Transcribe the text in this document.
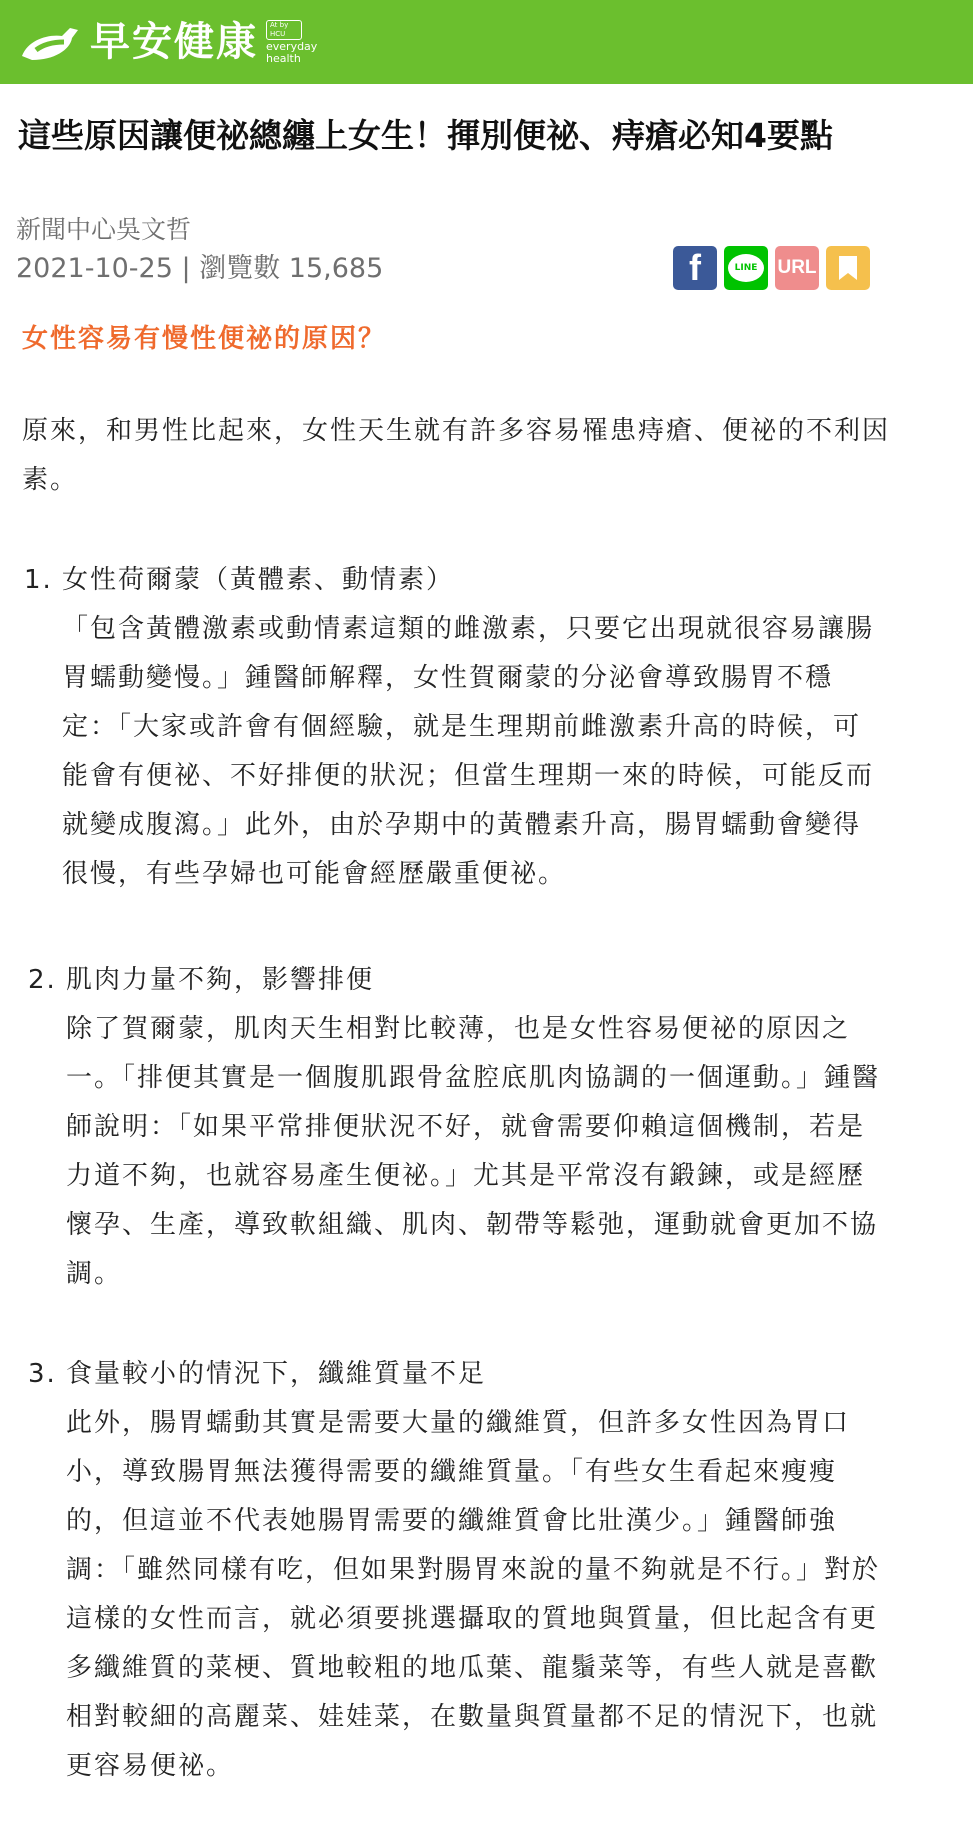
早安健康	At by HCU
everyday
health
這些原因讓便祕總纏上女生！揮別便祕、痔瘡必知4要點
新聞中心吳文哲
2021-10-25 | 瀏覽數 15,685	f	LINE	URL
女性容易有慢性便祕的原因？

原來，和男性比起來，女性天生就有許多容易罹患痔瘡、便祕的不利因素。

1. 女性荷爾蒙（黃體素、動情素）

「包含黃體激素或動情素這類的雌激素，只要它出現就很容易讓腸胃蠕動變慢。」鍾醫師解釋，女性賀爾蒙的分泌會導致腸胃不穩定：「大家或許會有個經驗，就是生理期前雌激素升高的時候，可能會有便祕、不好排便的狀況；但當生理期一來的時候，可能反而就變成腹瀉。」此外，由於孕期中的黃體素升高，腸胃蠕動會變得很慢，有些孕婦也可能會經歷嚴重便祕。

2. 肌肉力量不夠，影響排便

除了賀爾蒙，肌肉天生相對比較薄，也是女性容易便祕的原因之一。「排便其實是一個腹肌跟骨盆腔底肌肉協調的一個運動。」鍾醫師說明：「如果平常排便狀況不好，就會需要仰賴這個機制，若是力道不夠，也就容易產生便祕。」尤其是平常沒有鍛鍊，或是經歷懷孕、生產，導致軟組織、肌肉、韌帶等鬆弛，運動就會更加不協調。

3. 食量較小的情況下，纖維質量不足

此外，腸胃蠕動其實是需要大量的纖維質，但許多女性因為胃口小，導致腸胃無法獲得需要的纖維質量。「有些女生看起來瘦瘦的，但這並不代表她腸胃需要的纖維質會比壯漢少。」鍾醫師強調：「雖然同樣有吃，但如果對腸胃來說的量不夠就是不行。」對於這樣的女性而言，就必須要挑選攝取的質地與質量，但比起含有更多纖維質的菜梗、質地較粗的地瓜葉、龍鬚菜等，有些人就是喜歡相對較細的高麗菜、娃娃菜，在數量與質量都不足的情況下，也就更容易便祕。
